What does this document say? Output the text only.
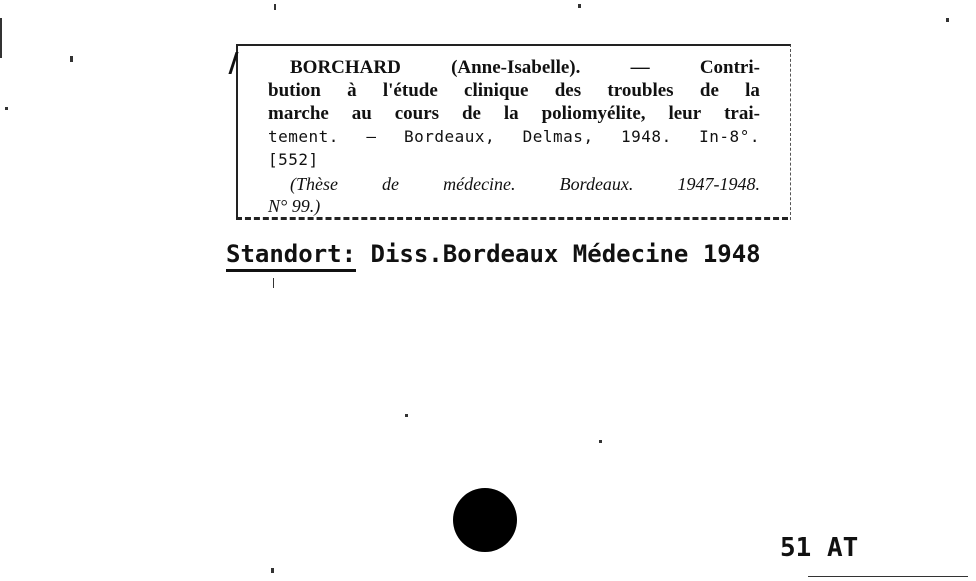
BORCHARD	(Anne-Isabelle).	—	Contri-
bution à l'étude clinique des troubles de la
marche au cours de la poliomyélite, leur trai-
tement. — Bordeaux, Delmas, 1948. In-8°.
[552]
(Thèse de médecine. Bordeaux. 1947-1948.
N° 99.)
Standort: Diss.Bordeaux Médecine 1948
51 AT
